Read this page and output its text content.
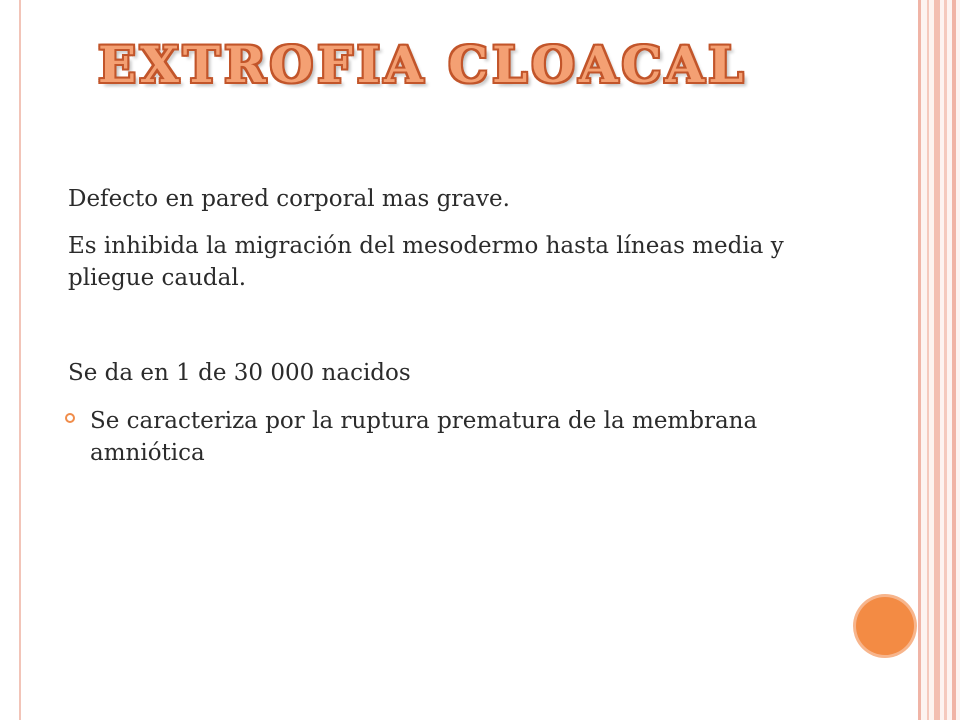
EXTROFIA CLOACAL
Defecto en pared corporal mas grave.
Es inhibida la migración del mesodermo hasta líneas media y pliegue caudal.
Se da en 1 de 30 000 nacidos
Se caracteriza por la ruptura prematura de la membrana amniótica
